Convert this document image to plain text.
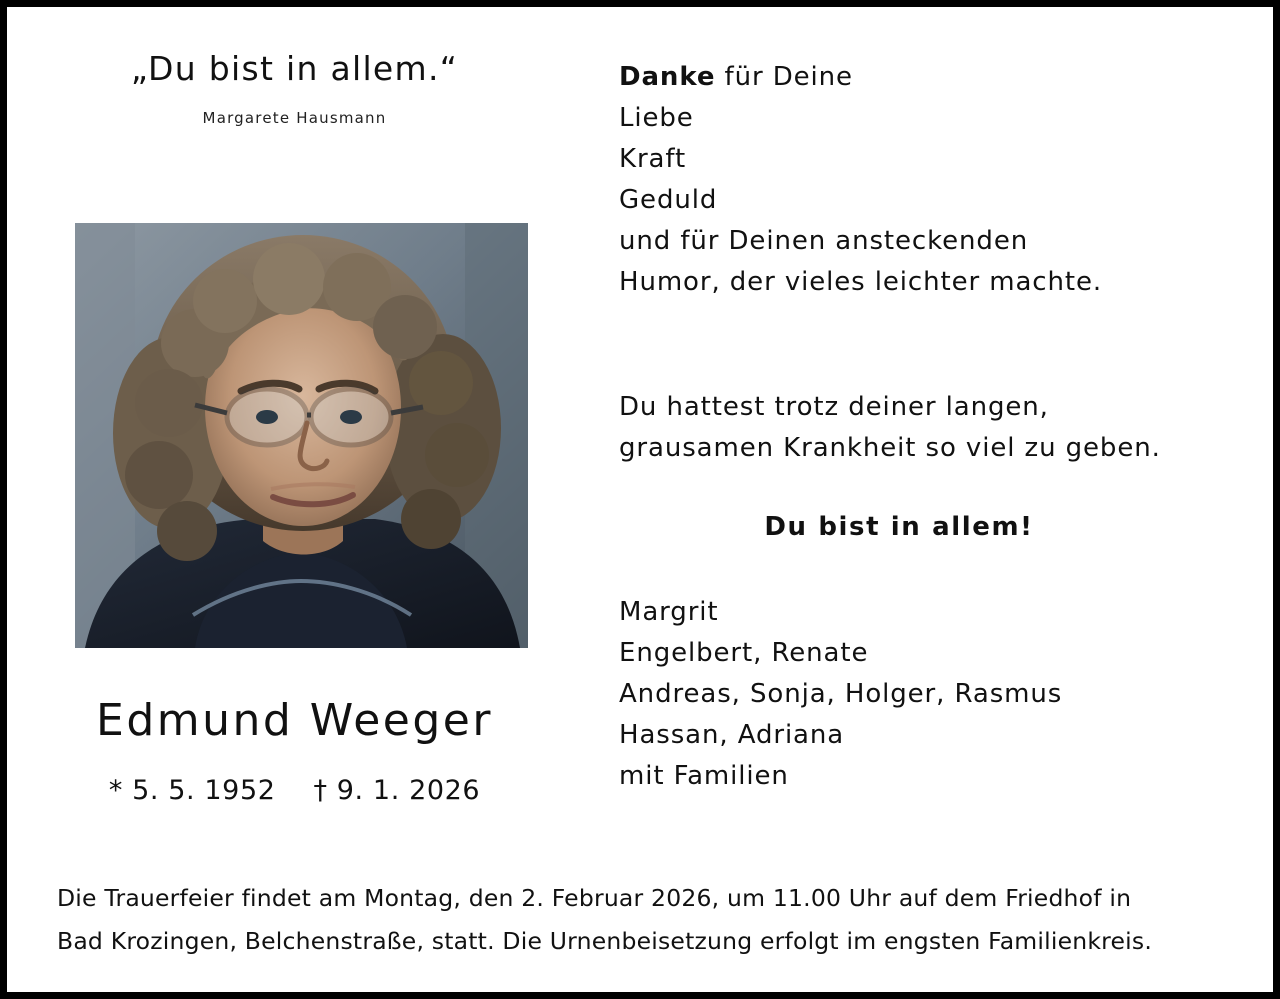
„Du bist in allem.“
Margarete Hausmann
Edmund Weeger
* 5. 5. 1952 † 9. 1. 2026
Danke für Deine
Liebe
Kraft
Geduld
und für Deinen ansteckenden
Humor, der vieles leichter machte.
Du hattest trotz deiner langen,
grausamen Krankheit so viel zu geben.
Du bist in allem!
Margrit
Engelbert, Renate
Andreas, Sonja, Holger, Rasmus
Hassan, Adriana
mit Familien
Die Trauerfeier findet am Montag, den 2. Februar 2026, um 11.00 Uhr auf dem Friedhof in
Bad Krozingen, Belchenstraße, statt. Die Urnenbeisetzung erfolgt im engsten Familienkreis.
